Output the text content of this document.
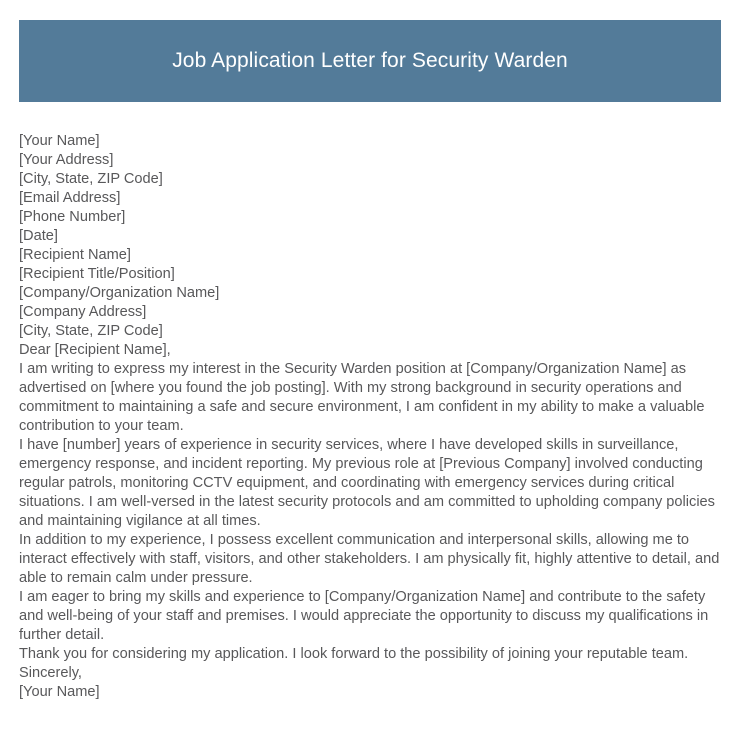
Job Application Letter for Security Warden
[Your Name]
[Your Address]
[City, State, ZIP Code]
[Email Address]
[Phone Number]
[Date]
[Recipient Name]
[Recipient Title/Position]
[Company/Organization Name]
[Company Address]
[City, State, ZIP Code]
Dear [Recipient Name],

I am writing to express my interest in the Security Warden position at [Company/Organization Name] as advertised on [where you found the job posting]. With my strong background in security operations and commitment to maintaining a safe and secure environment, I am confident in my ability to make a valuable contribution to your team.

I have [number] years of experience in security services, where I have developed skills in surveillance, emergency response, and incident reporting. My previous role at [Previous Company] involved conducting regular patrols, monitoring CCTV equipment, and coordinating with emergency services during critical situations. I am well-versed in the latest security protocols and am committed to upholding company policies and maintaining vigilance at all times.

In addition to my experience, I possess excellent communication and interpersonal skills, allowing me to interact effectively with staff, visitors, and other stakeholders. I am physically fit, highly attentive to detail, and able to remain calm under pressure.

I am eager to bring my skills and experience to [Company/Organization Name] and contribute to the safety and well-being of your staff and premises. I would appreciate the opportunity to discuss my qualifications in further detail.

Thank you for considering my application. I look forward to the possibility of joining your reputable team.

Sincerely,
[Your Name]
